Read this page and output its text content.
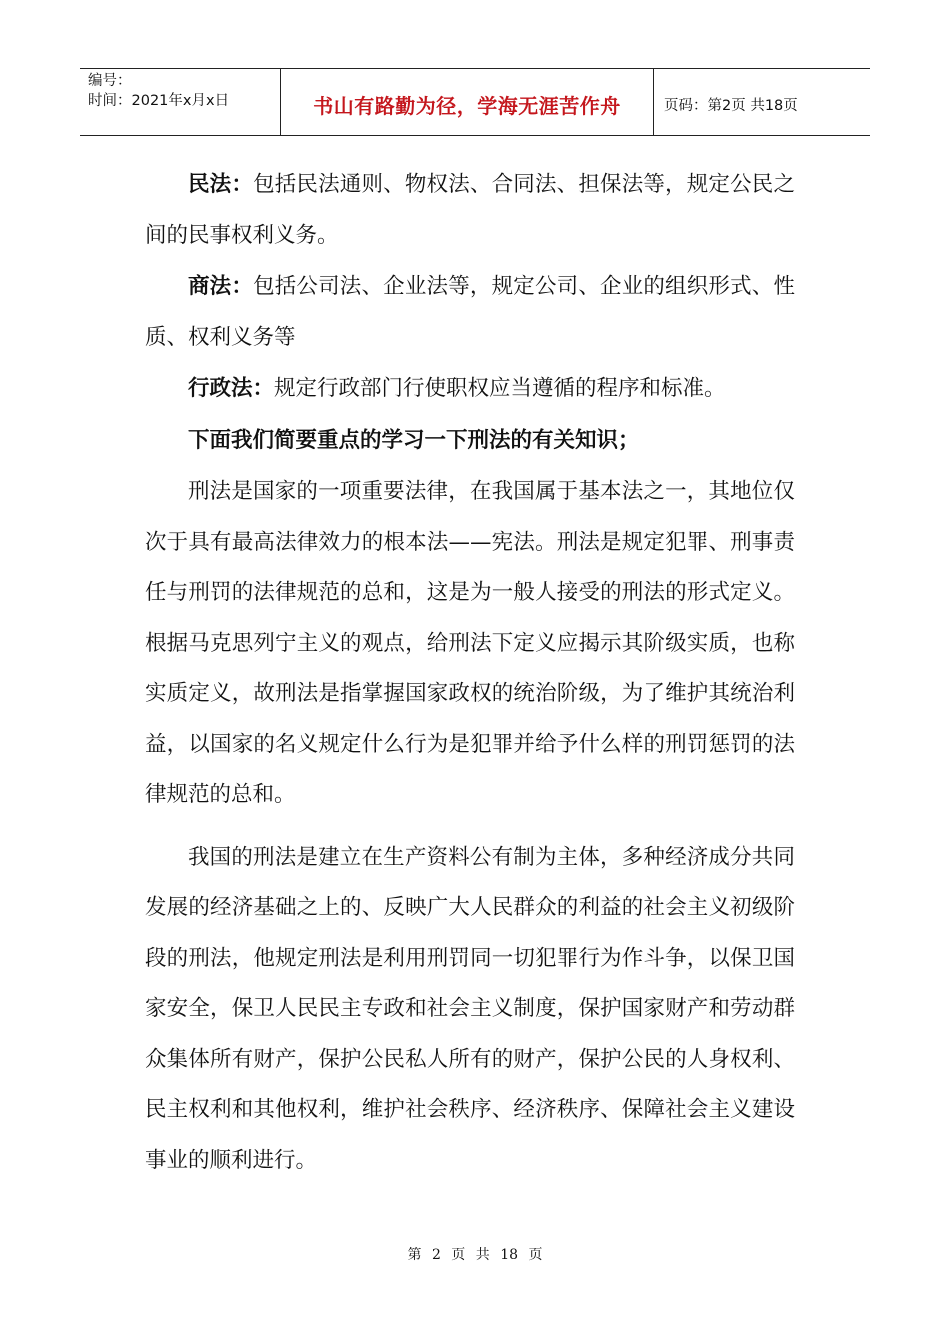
编号：
时间：2021年x月x日	书山有路勤为径，学海无涯苦作舟	页码：第2页 共18页

民法：包括民法通则、物权法、合同法、担保法等，规定公民之间的民事权利义务。

商法：包括公司法、企业法等，规定公司、企业的组织形式、性质、权利义务等

行政法：规定行政部门行使职权应当遵循的程序和标准。

下面我们简要重点的学习一下刑法的有关知识；

刑法是国家的一项重要法律，在我国属于基本法之一，其地位仅次于具有最高法律效力的根本法——宪法。刑法是规定犯罪、刑事责任与刑罚的法律规范的总和，这是为一般人接受的刑法的形式定义。根据马克思列宁主义的观点，给刑法下定义应揭示其阶级实质，也称实质定义，故刑法是指掌握国家政权的统治阶级，为了维护其统治利益，以国家的名义规定什么行为是犯罪并给予什么样的刑罚惩罚的法律规范的总和。

我国的刑法是建立在生产资料公有制为主体，多种经济成分共同发展的经济基础之上的、反映广大人民群众的利益的社会主义初级阶段的刑法，他规定刑法是利用刑罚同一切犯罪行为作斗争，以保卫国家安全，保卫人民民主专政和社会主义制度，保护国家财产和劳动群众集体所有财产，保护公民私人所有的财产，保护公民的人身权利、民主权利和其他权利，维护社会秩序、经济秩序、保障社会主义建设事业的顺利进行。

第 2 页 共 18 页
